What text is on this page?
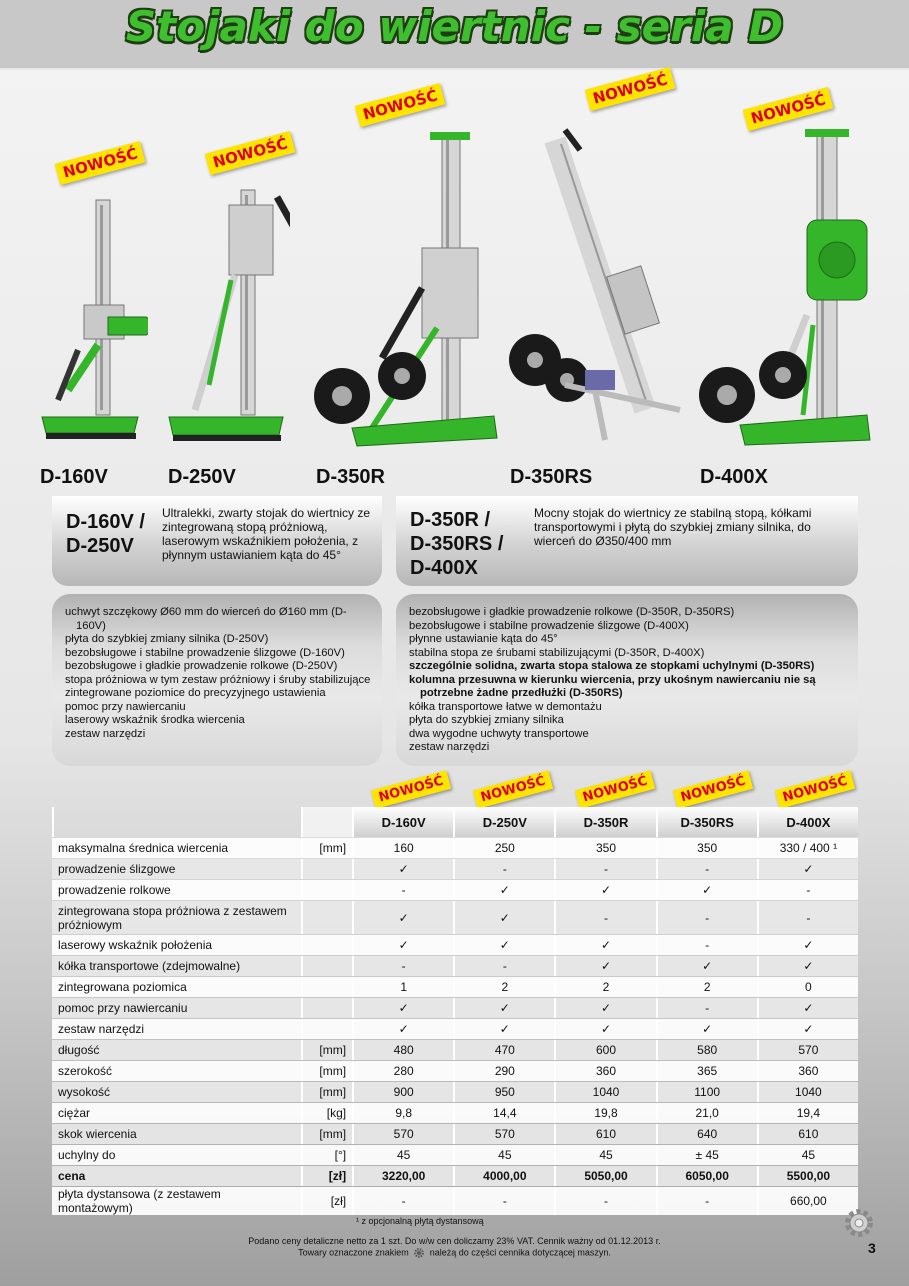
Stojaki do wiertnic - seria D
NOWOŚĆ	NOWOŚĆ
NOWOŚĆ	NOWOŚĆ
NOWOŚĆ
D-160V	D-250V	D-350R	D-350RS	D-400X
D-160V /
D-250V
Ultralekki, zwarty stojak do wiertnicy ze zintegrowaną stopą próżniową, laserowym wskaźnikiem położenia, z płynnym ustawianiem kąta do 45°
D-350R /
D-350RS /
D-400X
Mocny stojak do wiertnicy ze stabilną stopą, kółkami transportowymi i płytą do szybkiej zmiany silnika, do wierceń do Ø350/400 mm
uchwyt szczękowy Ø60 mm do wierceń do Ø160 mm (D-160V)
płyta do szybkiej zmiany silnika (D-250V)
bezobsługowe i stabilne prowadzenie ślizgowe (D-160V)
bezobsługowe i gładkie prowadzenie rolkowe (D-250V)
stopa próżniowa w tym zestaw próżniowy i śruby stabilizujące
zintegrowane poziomice do precyzyjnego ustawienia
pomoc przy nawiercaniu
laserowy wskaźnik środka wiercenia
zestaw narzędzi
bezobsługowe i gładkie prowadzenie rolkowe (D-350R, D-350RS)
bezobsługowe i stabilne prowadzenie ślizgowe (D-400X)
płynne ustawianie kąta do 45°
stabilna stopa ze śrubami stabilizującymi (D-350R, D-400X)
szczególnie solidna, zwarta stopa stalowa ze stopkami uchylnymi (D-350RS)
kolumna przesuwna w kierunku wiercenia, przy ukośnym nawiercaniu nie są potrzebne żadne przedłużki (D-350RS)
kółka transportowe łatwe w demontażu
płyta do szybkiej zmiany silnika
dwa wygodne uchwyty transportowe
zestaw narzędzi
NOWOŚĆ	NOWOŚĆ	NOWOŚĆ	NOWOŚĆ	NOWOŚĆ
		D-160V	D-250V	D-350R	D-350RS	D-400X
maksymalna średnica wiercenia	[mm]	160	250	350	350	330 / 400 ¹
prowadzenie ślizgowe		✓	-	-	-	✓
prowadzenie rolkowe		-	✓	✓	✓	-
zintegrowana stopa próżniowa z zestawem próżniowym		✓	✓	-	-	-
laserowy wskaźnik położenia		✓	✓	✓	-	✓
kółka transportowe (zdejmowalne)		-	-	✓	✓	✓
zintegrowana poziomica		1	2	2	2	0
pomoc przy nawiercaniu		✓	✓	✓	-	✓
zestaw narzędzi		✓	✓	✓	✓	✓
długość	[mm]	480	470	600	580	570
szerokość	[mm]	280	290	360	365	360
wysokość	[mm]	900	950	1040	1100	1040
ciężar	[kg]	9,8	14,4	19,8	21,0	19,4
skok wiercenia	[mm]	570	570	610	640	610
uchylny do	[°]	45	45	45	± 45	45
cena	[zł]	3220,00	4000,00	5050,00	6050,00	5500,00
płyta dystansowa (z zestawem montażowym)	[zł]	-	-	-	-	660,00
¹ z opcjonalną płytą dystansową
Podano ceny detaliczne netto za 1 szt. Do w/w cen doliczamy 23% VAT. Cennik ważny od 01.12.2013 r.
Towary oznaczone znakiem należą do części cennika dotyczącej maszyn.	3
